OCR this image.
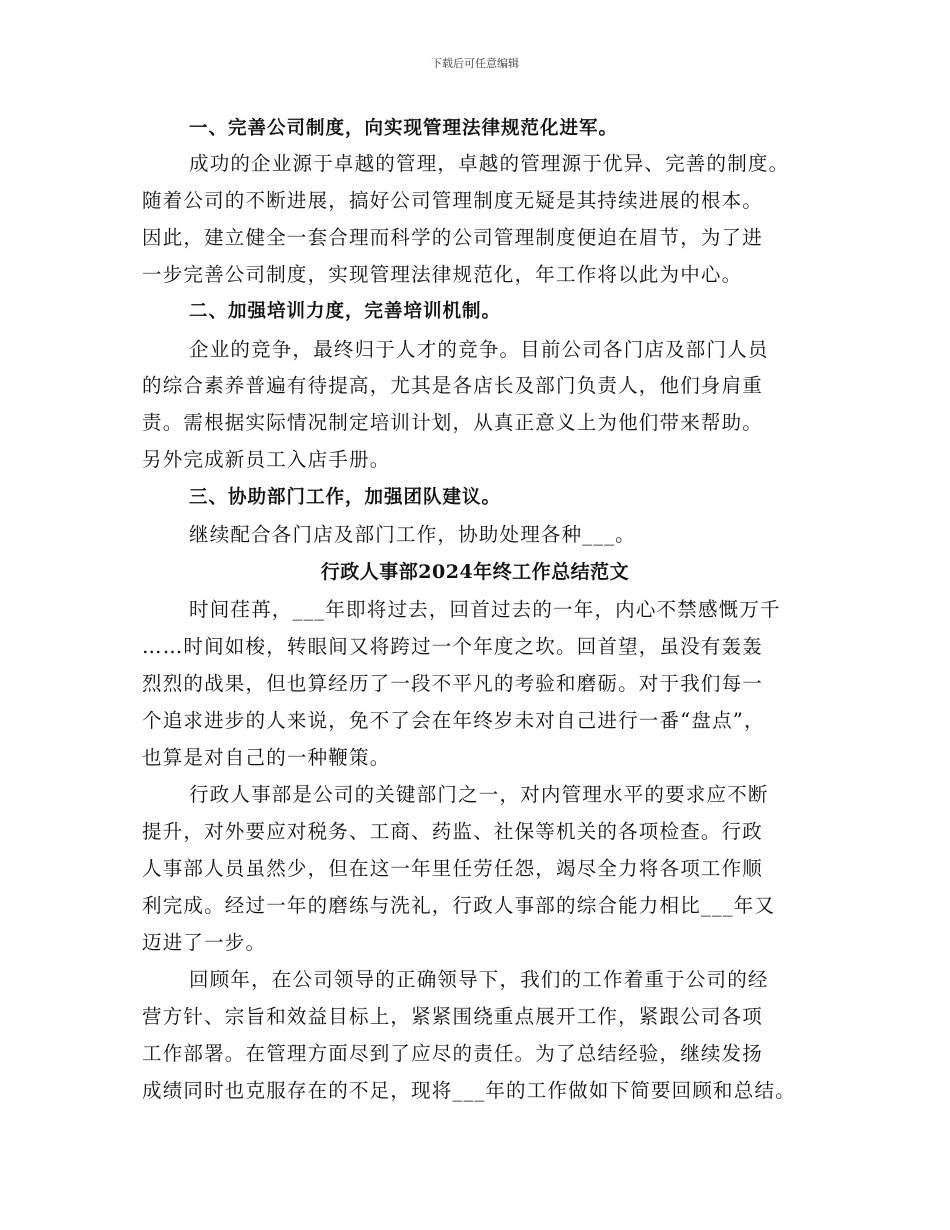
下载后可任意编辑
一、完善公司制度，向实现管理法律规范化进军。
成功的企业源于卓越的管理，卓越的管理源于优异、完善的制度。
随着公司的不断进展，搞好公司管理制度无疑是其持续进展的根本。
因此，建立健全一套合理而科学的公司管理制度便迫在眉节，为了进
一步完善公司制度，实现管理法律规范化，年工作将以此为中心。
二、加强培训力度，完善培训机制。
企业的竞争，最终归于人才的竞争。目前公司各门店及部门人员
的综合素养普遍有待提高，尤其是各店长及部门负责人，他们身肩重
责。需根据实际情况制定培训计划，从真正意义上为他们带来帮助。
另外完成新员工入店手册。
三、协助部门工作，加强团队建议。
继续配合各门店及部门工作，协助处理各种___。
行政人事部2024年终工作总结范文
时间荏苒，___年即将过去，回首过去的一年，内心不禁感慨万千
……时间如梭，转眼间又将跨过一个年度之坎。回首望，虽没有轰轰
烈烈的战果，但也算经历了一段不平凡的考验和磨砺。对于我们每一
个追求进步的人来说，免不了会在年终岁未对自己进行一番“盘点”，
也算是对自己的一种鞭策。
行政人事部是公司的关键部门之一，对内管理水平的要求应不断
提升，对外要应对税务、工商、药监、社保等机关的各项检查。行政
人事部人员虽然少，但在这一年里任劳任怨，竭尽全力将各项工作顺
利完成。经过一年的磨练与洗礼，行政人事部的综合能力相比___年又
迈进了一步。
回顾年，在公司领导的正确领导下，我们的工作着重于公司的经
营方针、宗旨和效益目标上，紧紧围绕重点展开工作，紧跟公司各项
工作部署。在管理方面尽到了应尽的责任。为了总结经验，继续发扬
成绩同时也克服存在的不足，现将___年的工作做如下简要回顾和总结。
